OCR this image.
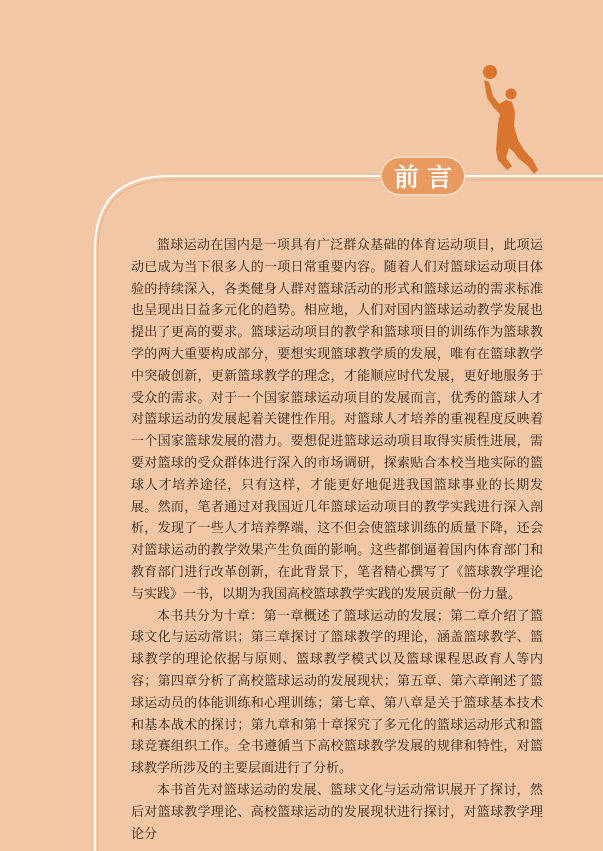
前言

篮球运动在国内是一项具有广泛群众基础的体育运动项目，此项运动已成为当下很多人的一项日常重要内容。随着人们对篮球运动项目体验的持续深入，各类健身人群对篮球活动的形式和篮球运动的需求标准也呈现出日益多元化的趋势。相应地，人们对国内篮球运动教学发展也提出了更高的要求。篮球运动项目的教学和篮球项目的训练作为篮球教学的两大重要构成部分，要想实现篮球教学质的发展，唯有在篮球教学中突破创新，更新篮球教学的理念，才能顺应时代发展，更好地服务于受众的需求。对于一个国家篮球运动项目的发展而言，优秀的篮球人才对篮球运动的发展起着关键性作用。对篮球人才培养的重视程度反映着一个国家篮球发展的潜力。要想促进篮球运动项目取得实质性进展，需要对篮球的受众群体进行深入的市场调研，探索贴合本校当地实际的篮球人才培养途径，只有这样，才能更好地促进我国篮球事业的长期发展。然而，笔者通过对我国近几年篮球运动项目的教学实践进行深入剖析，发现了一些人才培养弊端，这不但会使篮球训练的质量下降，还会对篮球运动的教学效果产生负面的影响。这些都倒逼着国内体育部门和教育部门进行改革创新，在此背景下，笔者精心撰写了《篮球教学理论与实践》一书，以期为我国高校篮球教学实践的发展贡献一份力量。

本书共分为十章：第一章概述了篮球运动的发展；第二章介绍了篮球文化与运动常识；第三章探讨了篮球教学的理论，涵盖篮球教学、篮球教学的理论依据与原则、篮球教学模式以及篮球课程思政育人等内容；第四章分析了高校篮球运动的发展现状；第五章、第六章阐述了篮球运动员的体能训练和心理训练；第七章、第八章是关于篮球基本技术和基本战术的探讨；第九章和第十章探究了多元化的篮球运动形式和篮球竞赛组织工作。全书遵循当下高校篮球教学发展的规律和特性，对篮球教学所涉及的主要层面进行了分析。

本书首先对篮球运动的发展、篮球文化与运动常识展开了探讨，然后对篮球教学理论、高校篮球运动的发展现状进行探讨，对篮球教学理论分
